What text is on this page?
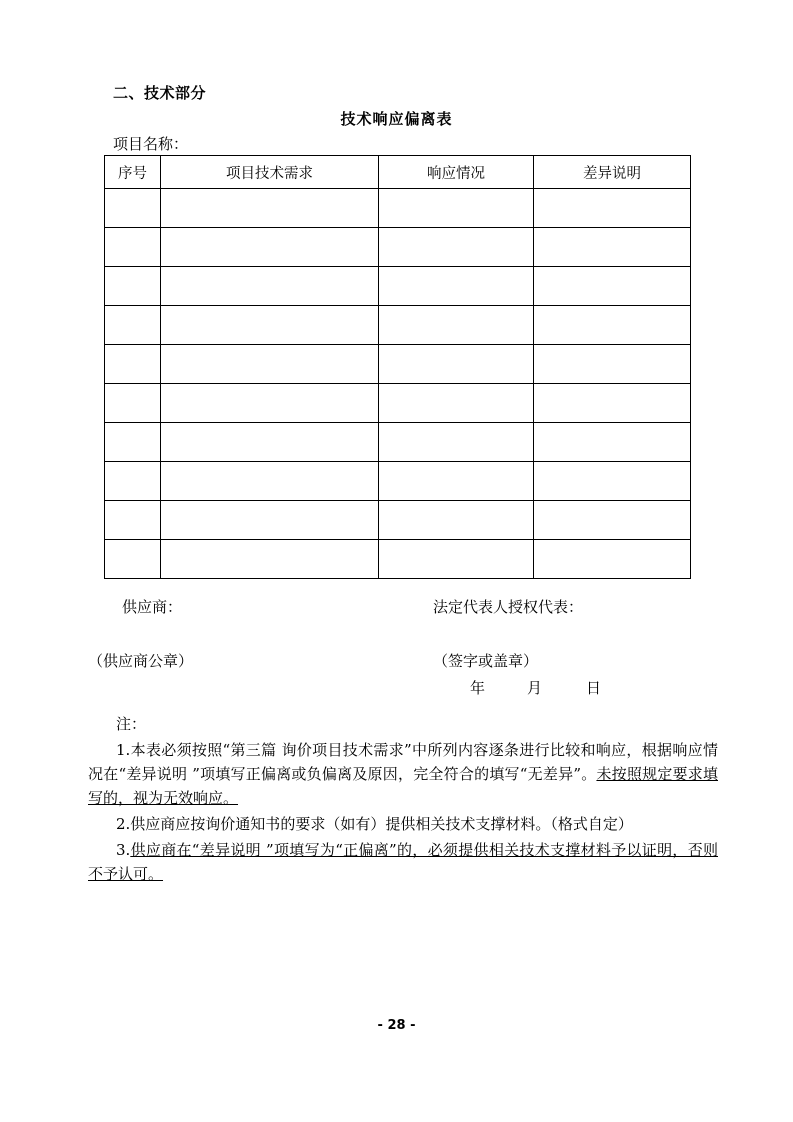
二、技术部分
技术响应偏离表
项目名称：
序号	项目技术需求	响应情况	差异说明

供应商：	法定代表人授权代表：
（供应商公章）	（签字或盖章）
年	月	日

注：

1.本表必须按照“第三篇 询价项目技术需求”中所列内容逐条进行比较和响应，根据响应情况在“差异说明 ”项填写正偏离或负偏离及原因，完全符合的填写“无差异”。未按照规定要求填写的，视为无效响应。

2.供应商应按询价通知书的要求（如有）提供相关技术支撑材料。（格式自定）

3.供应商在“差异说明 ”项填写为“正偏离”的，必须提供相关技术支撑材料予以证明，否则不予认可。

- 28 -
